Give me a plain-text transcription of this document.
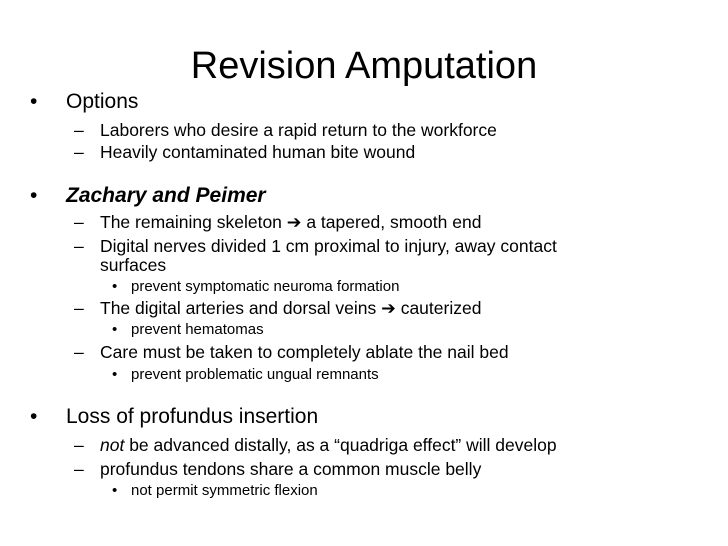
Revision Amputation
•	Options
– Laborers who desire a rapid return to the workforce
– Heavily contaminated human bite wound
•	Zachary and Peimer
– The remaining skeleton ➔ a tapered, smooth end
– Digital nerves divided 1 cm proximal to injury, away contact
surfaces
• prevent symptomatic neuroma formation
– The digital arteries and dorsal veins ➔ cauterized
• prevent hematomas
– Care must be taken to completely ablate the nail bed
• prevent problematic ungual remnants
•	Loss of profundus insertion
– not be advanced distally, as a “quadriga effect” will develop
– profundus tendons share a common muscle belly
• not permit symmetric flexion
